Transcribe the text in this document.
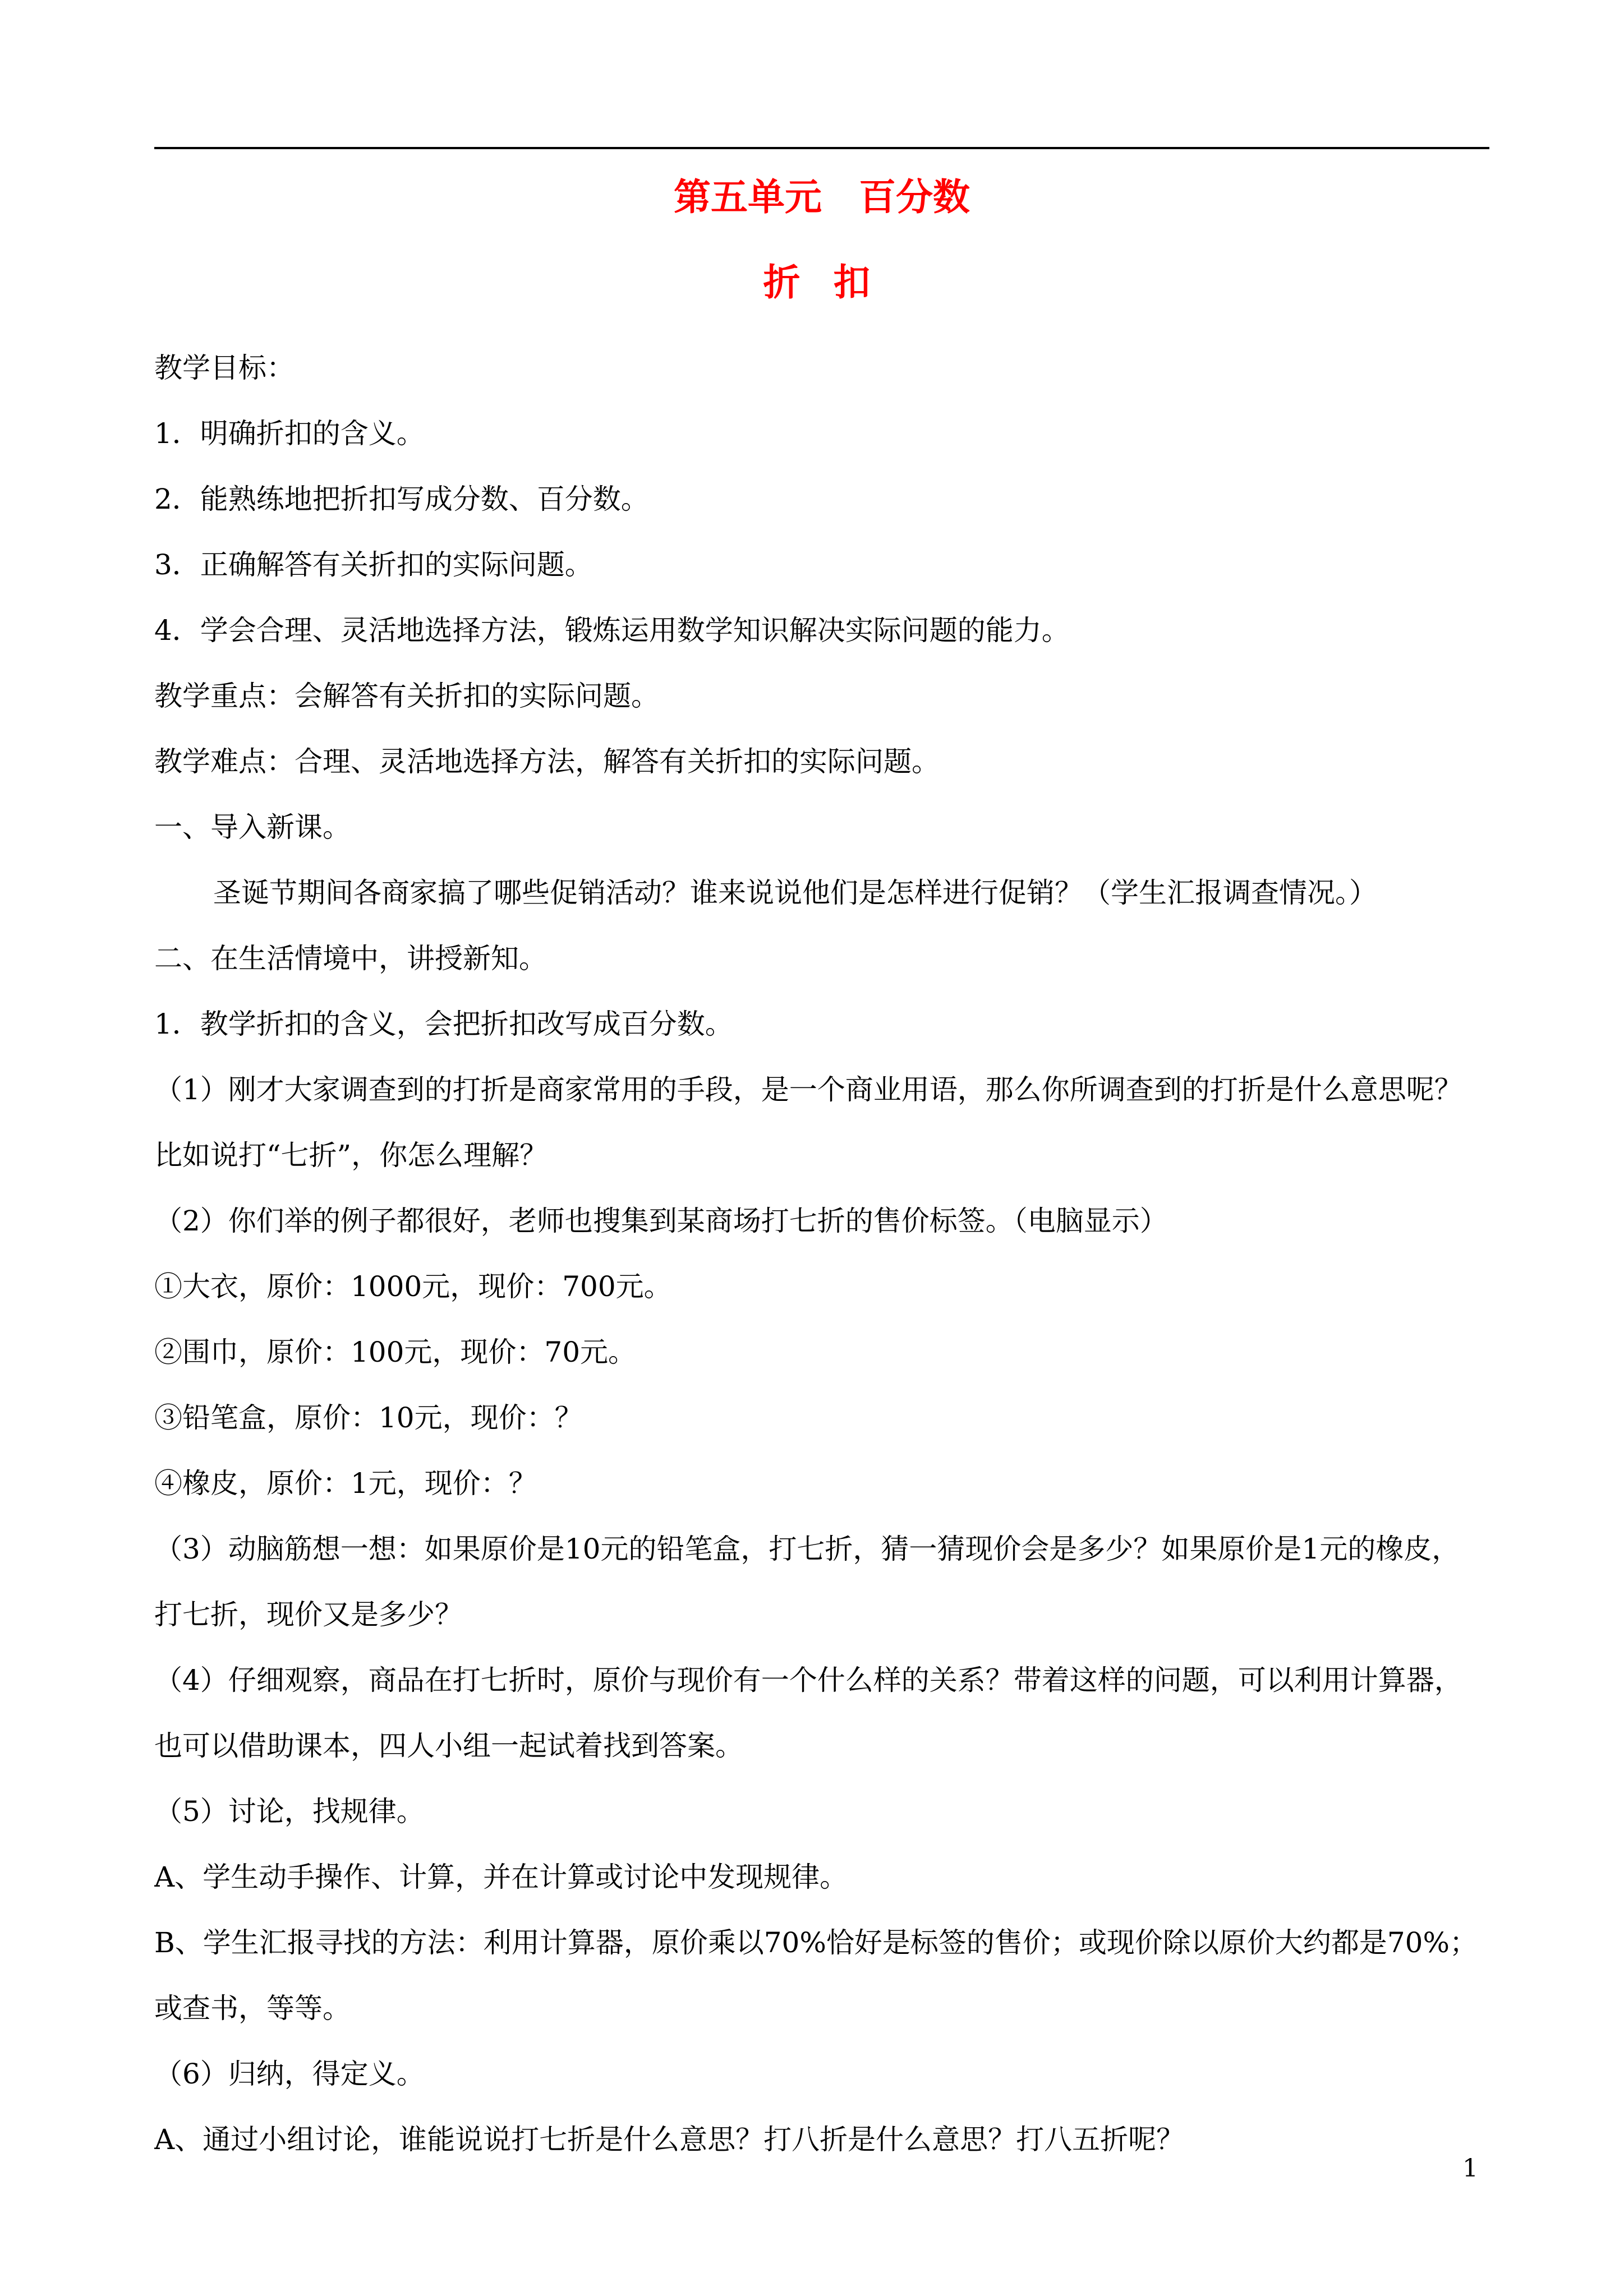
第五单元　百分数
折 扣
教学目标：
1．明确折扣的含义。
2．能熟练地把折扣写成分数、百分数。
3．正确解答有关折扣的实际问题。
4．学会合理、灵活地选择方法，锻炼运用数学知识解决实际问题的能力。
教学重点：会解答有关折扣的实际问题。
教学难点：合理、灵活地选择方法，解答有关折扣的实际问题。
一、导入新课。
圣诞节期间各商家搞了哪些促销活动？谁来说说他们是怎样进行促销？（学生汇报调查情况。）
二、在生活情境中，讲授新知。
1．教学折扣的含义，会把折扣改写成百分数。
（1）刚才大家调查到的打折是商家常用的手段，是一个商业用语，那么你所调查到的打折是什么意思呢？
比如说打“七折”，你怎么理解？
（2）你们举的例子都很好，老师也搜集到某商场打七折的售价标签。（电脑显示）
①大衣，原价：1000元，现价：700元。
②围巾，原价：100元，现价：70元。
③铅笔盒，原价：10元，现价：？
④橡皮，原价：1元，现价：？
（3）动脑筋想一想：如果原价是10元的铅笔盒，打七折，猜一猜现价会是多少？如果原价是1元的橡皮，
打七折，现价又是多少？
（4）仔细观察，商品在打七折时，原价与现价有一个什么样的关系？带着这样的问题，可以利用计算器，
也可以借助课本，四人小组一起试着找到答案。
（5）讨论，找规律。
A、学生动手操作、计算，并在计算或讨论中发现规律。
B、学生汇报寻找的方法：利用计算器，原价乘以70%恰好是标签的售价；或现价除以原价大约都是70%；
或查书，等等。
（6）归纳，得定义。
A、通过小组讨论，谁能说说打七折是什么意思？打八折是什么意思？打八五折呢？
1
